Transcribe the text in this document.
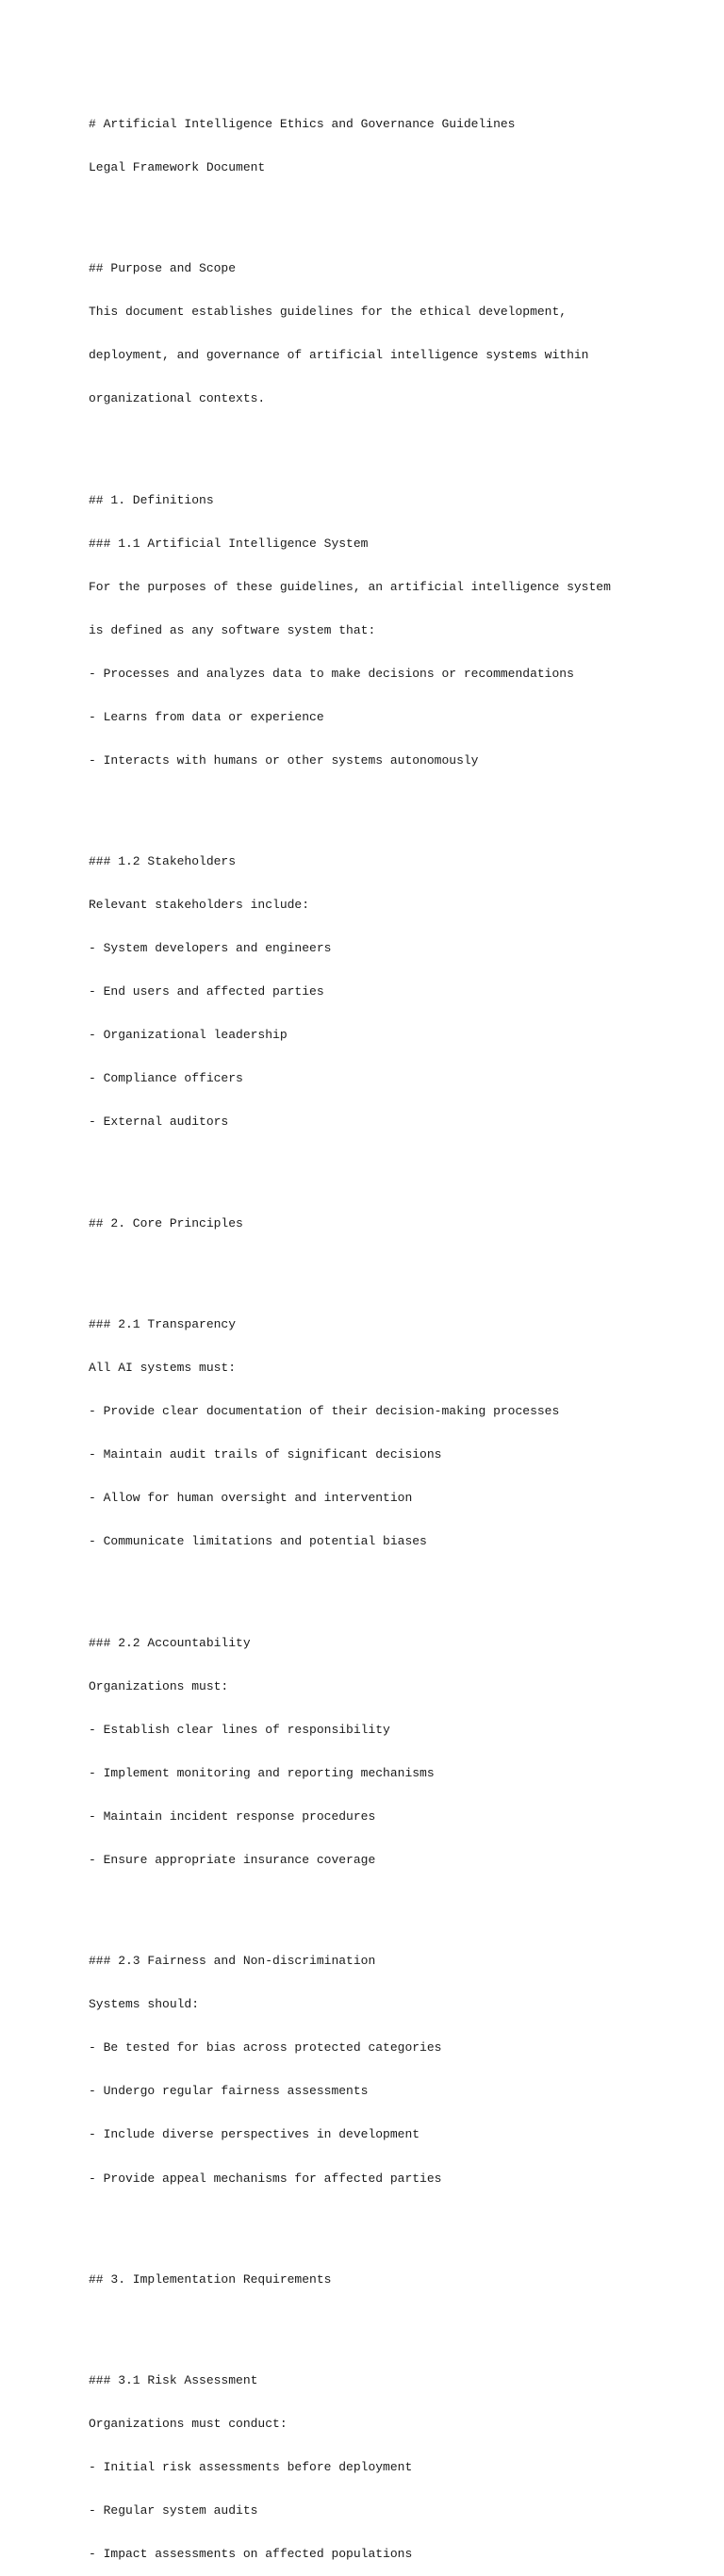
# Artificial Intelligence Ethics and Governance Guidelines

Legal Framework Document

## Purpose and Scope

This document establishes guidelines for the ethical development,

deployment, and governance of artificial intelligence systems within

organizational contexts.

## 1. Definitions

### 1.1 Artificial Intelligence System

For the purposes of these guidelines, an artificial intelligence system

is defined as any software system that:

- Processes and analyzes data to make decisions or recommendations

- Learns from data or experience

- Interacts with humans or other systems autonomously

### 1.2 Stakeholders

Relevant stakeholders include:

- System developers and engineers

- End users and affected parties

- Organizational leadership

- Compliance officers

- External auditors

## 2. Core Principles

### 2.1 Transparency

All AI systems must:

- Provide clear documentation of their decision-making processes

- Maintain audit trails of significant decisions

- Allow for human oversight and intervention

- Communicate limitations and potential biases

### 2.2 Accountability

Organizations must:

- Establish clear lines of responsibility

- Implement monitoring and reporting mechanisms

- Maintain incident response procedures

- Ensure appropriate insurance coverage

### 2.3 Fairness and Non-discrimination

Systems should:

- Be tested for bias across protected categories

- Undergo regular fairness assessments

- Include diverse perspectives in development

- Provide appeal mechanisms for affected parties

## 3. Implementation Requirements

### 3.1 Risk Assessment

Organizations must conduct:

- Initial risk assessments before deployment

- Regular system audits

- Impact assessments on affected populations
